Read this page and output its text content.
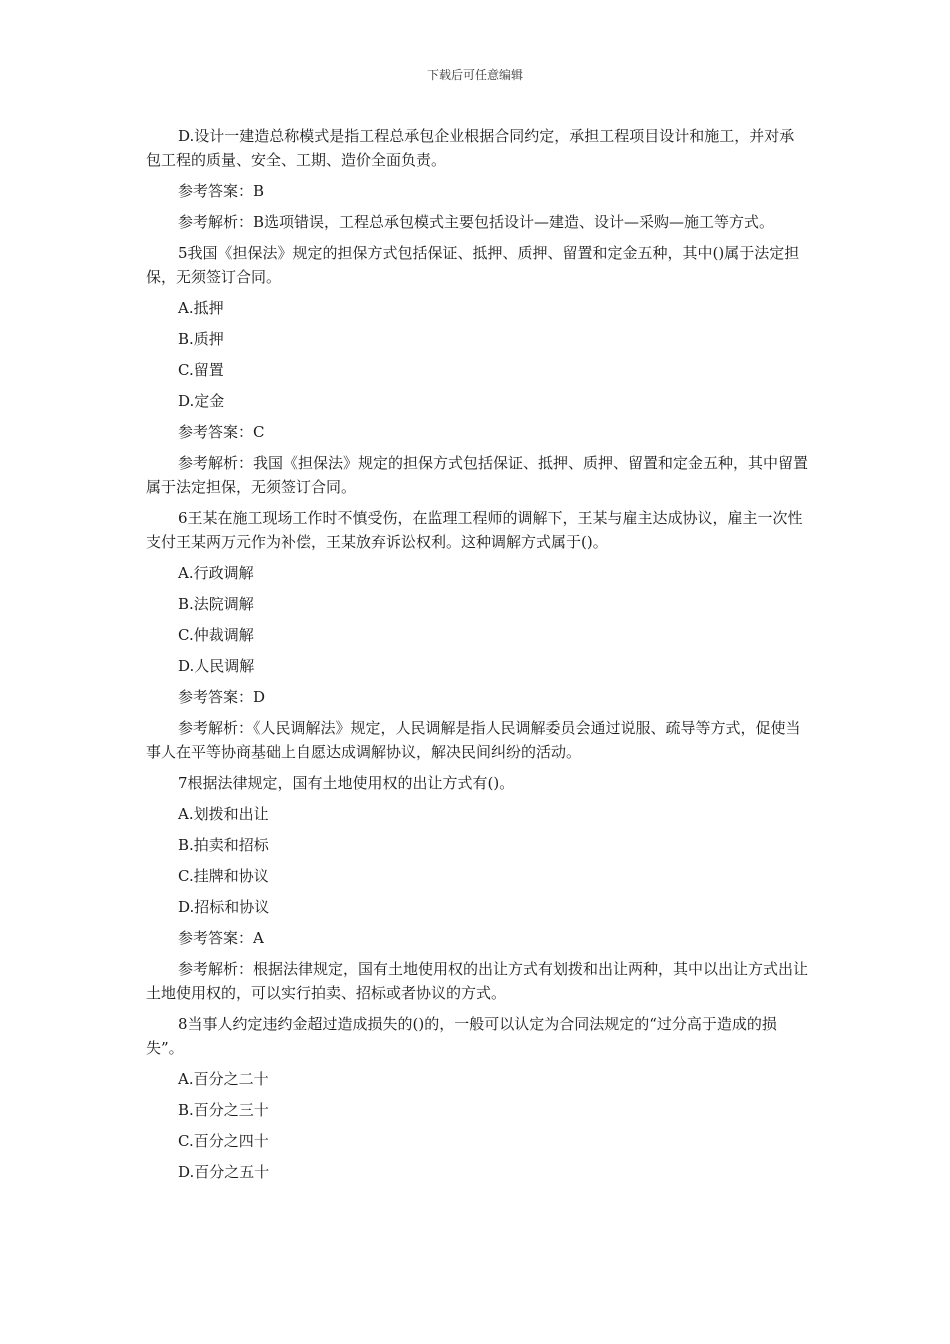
下载后可任意编辑

D.设计一建造总称模式是指工程总承包企业根据合同约定，承担工程项目设计和施工，并对承包工程的质量、安全、工期、造价全面负责。

参考答案：B

参考解析：B选项错误，工程总承包模式主要包括设计—建造、设计—采购—施工等方式。

5我国《担保法》规定的担保方式包括保证、抵押、质押、留置和定金五种，其中()属于法定担保，无须签订合同。

A.抵押

B.质押

C.留置

D.定金

参考答案：C

参考解析：我国《担保法》规定的担保方式包括保证、抵押、质押、留置和定金五种，其中留置属于法定担保，无须签订合同。

6王某在施工现场工作时不慎受伤，在监理工程师的调解下，王某与雇主达成协议，雇主一次性支付王某两万元作为补偿，王某放弃诉讼权利。这种调解方式属于()。

A.行政调解

B.法院调解

C.仲裁调解

D.人民调解

参考答案：D

参考解析：《人民调解法》规定，人民调解是指人民调解委员会通过说服、疏导等方式，促使当事人在平等协商基础上自愿达成调解协议，解决民间纠纷的活动。

7根据法律规定，国有土地使用权的出让方式有()。

A.划拨和出让

B.拍卖和招标

C.挂牌和协议

D.招标和协议

参考答案：A

参考解析：根据法律规定，国有土地使用权的出让方式有划拨和出让两种，其中以出让方式出让土地使用权的，可以实行拍卖、招标或者协议的方式。

8当事人约定违约金超过造成损失的()的，一般可以认定为合同法规定的“过分高于造成的损失”。

A.百分之二十

B.百分之三十

C.百分之四十

D.百分之五十
